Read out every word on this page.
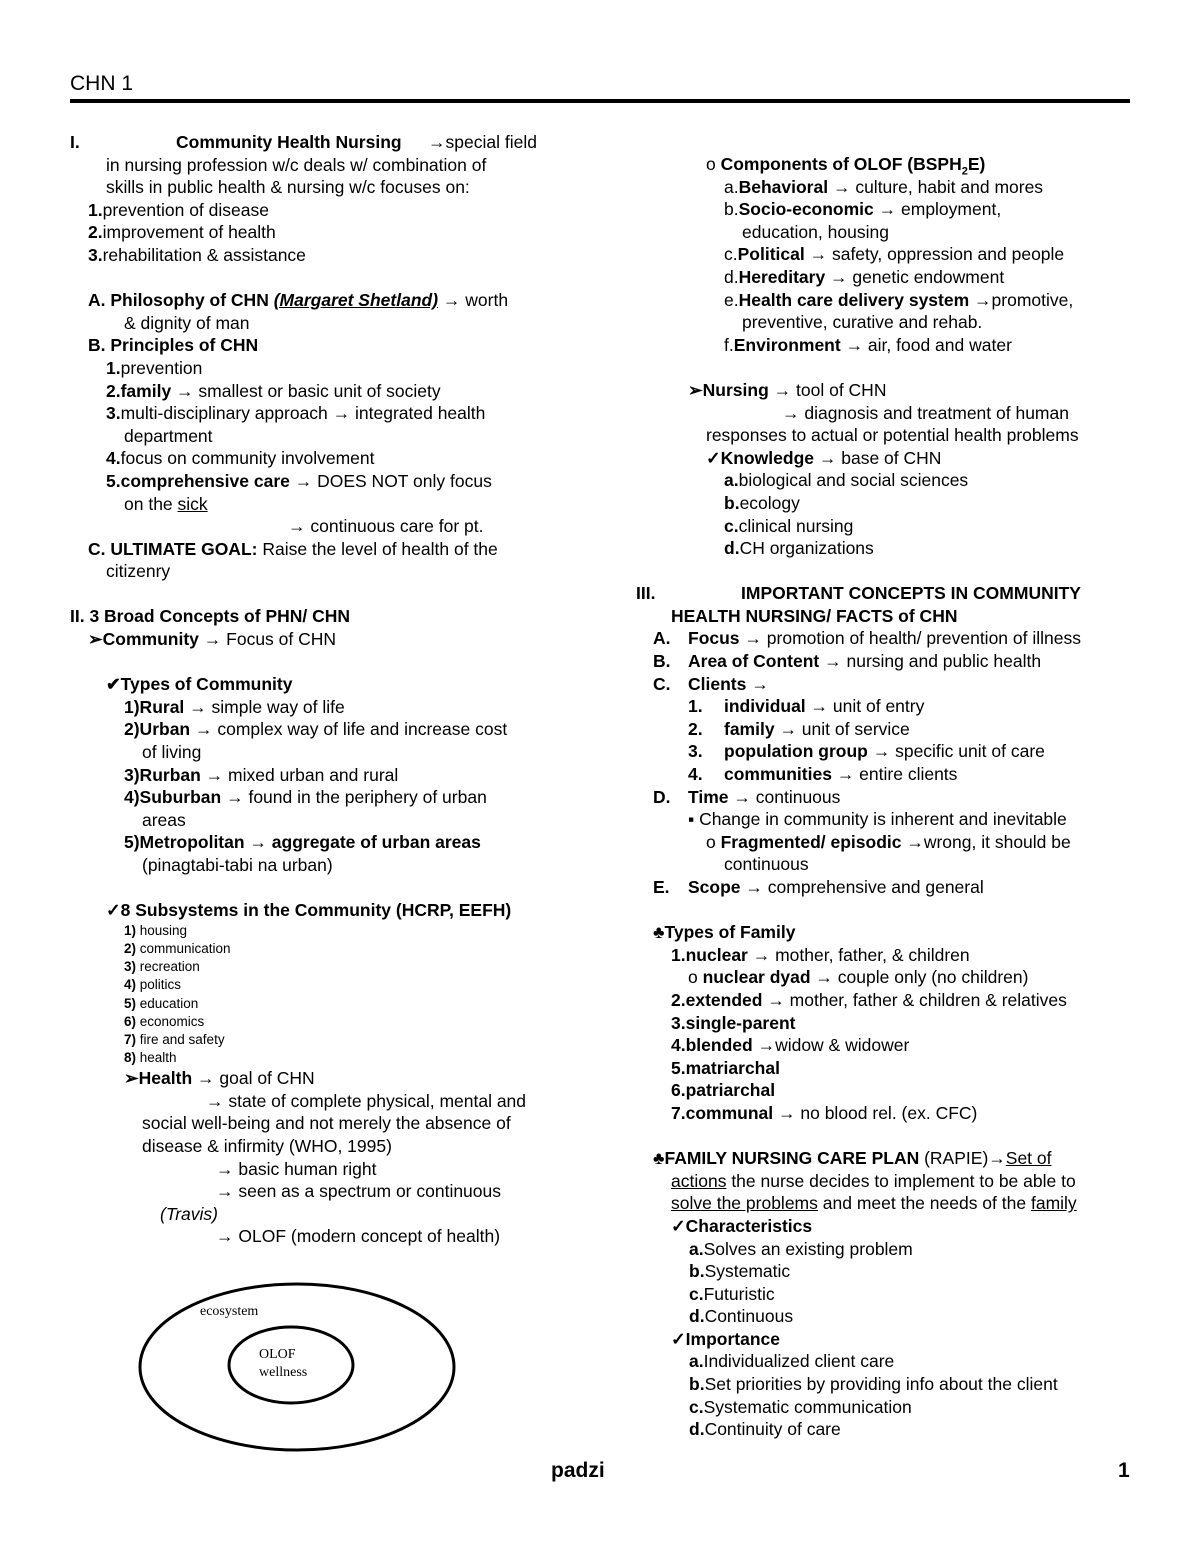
CHN 1
I.	Community Health Nursing →special field
in nursing profession w/c deals w/ combination of
skills in public health & nursing w/c focuses on:
1.prevention of disease
2.improvement of health
3.rehabilitation & assistance
A. Philosophy of CHN (Margaret Shetland) → worth
& dignity of man
B. Principles of CHN
1.prevention
2.family → smallest or basic unit of society
3.multi-disciplinary approach → integrated health
department
4.focus on community involvement
5.comprehensive care → DOES NOT only focus
on the sick
→ continuous care for pt.
C. ULTIMATE GOAL: Raise the level of health of the
citizenry
II. 3 Broad Concepts of PHN/ CHN
➢Community → Focus of CHN
✔Types of Community
1)Rural → simple way of life
2)Urban → complex way of life and increase cost
of living
3)Rurban → mixed urban and rural
4)Suburban → found in the periphery of urban
areas
5)Metropolitan → aggregate of urban areas
(pinagtabi-tabi na urban)
✓8 Subsystems in the Community (HCRP, EEFH)
1) housing
2) communication
3) recreation
4) politics
5) education
6) economics
7) fire and safety
8) health
➢Health → goal of CHN
→ state of complete physical, mental and
social well-being and not merely the absence of
disease & infirmity (WHO, 1995)
→ basic human right
→ seen as a spectrum or continuous
(Travis)
→ OLOF (modern concept of health)
ecosystem
OLOF
wellness
o Components of OLOF $(BSPH_2E)$
a.Behavioral → culture, habit and mores
b.Socio-economic → employment,
education, housing
c.Political → safety, oppression and people
d.Hereditary → genetic endowment
e.Health care delivery system →promotive,
preventive, curative and rehab.
f.Environment → air, food and water
➢Nursing → tool of CHN
→ diagnosis and treatment of human
responses to actual or potential health problems
✓Knowledge → base of CHN
a.biological and social sciences
b.ecology
c.clinical nursing
d.CH organizations
III.	IMPORTANT CONCEPTS IN COMMUNITY
HEALTH NURSING/ FACTS of CHN
A. Focus → promotion of health/ prevention of illness
B. Area of Content → nursing and public health
C. Clients →
1. individual → unit of entry
2. family → unit of service
3. population group → specific unit of care
4. communities → entire clients
D. Time → continuous
▪ Change in community is inherent and inevitable
o Fragmented/ episodic →wrong, it should be
continuous
E. Scope → comprehensive and general
♣Types of Family
1.nuclear → mother, father, & children
o nuclear dyad → couple only (no children)
2.extended → mother, father & children & relatives
3.single-parent
4.blended →widow & widower
5.matriarchal
6.patriarchal
7.communal → no blood rel. (ex. CFC)
♣FAMILY NURSING CARE PLAN (RAPIE)→Set of
actions the nurse decides to implement to be able to
solve the problems and meet the needs of the family
✓Characteristics
a.Solves an existing problem
b.Systematic
c.Futuristic
d.Continuous
✓Importance
a.Individualized client care
b.Set priorities by providing info about the client
c.Systematic communication
d.Continuity of care
padzi	1
